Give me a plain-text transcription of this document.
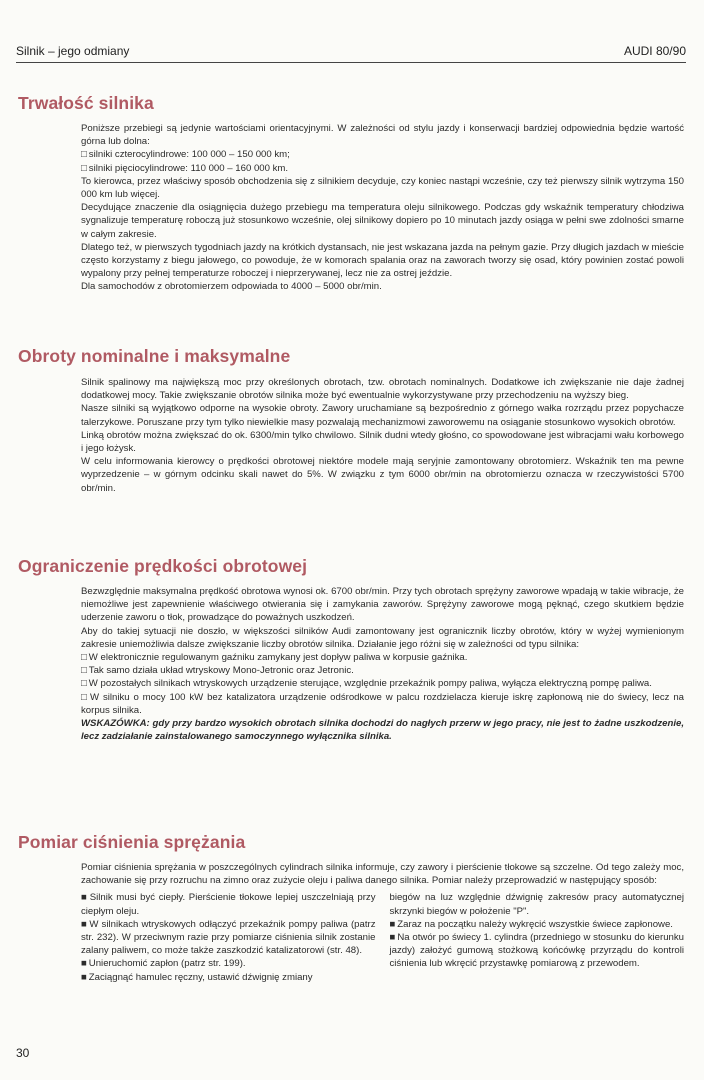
Silnik – jego odmiany	AUDI 80/90
Trwałość silnika

Poniższe przebiegi są jedynie wartościami orientacyjnymi. W zależności od stylu jazdy i konserwacji bardziej odpowiednia będzie wartość górna lub dolna:

□ silniki czterocylindrowe: 100 000 – 150 000 km;

□ silniki pięciocylindrowe: 110 000 – 160 000 km.

To kierowca, przez właściwy sposób obchodzenia się z silnikiem decyduje, czy koniec nastąpi wcześnie, czy też pierwszy silnik wytrzyma 150 000 km lub więcej.

Decydujące znaczenie dla osiągnięcia dużego przebiegu ma temperatura oleju silnikowego. Podczas gdy wskaźnik temperatury chłodziwa sygnalizuje temperaturę roboczą już stosunkowo wcześnie, olej silnikowy dopiero po 10 minutach jazdy osiąga w pełni swe zdolności smarne w całym zakresie.

Dlatego też, w pierwszych tygodniach jazdy na krótkich dystansach, nie jest wskazana jazda na pełnym gazie. Przy długich jazdach w mieście często korzystamy z biegu jałowego, co powoduje, że w komorach spalania oraz na zaworach tworzy się osad, który powinien zostać powoli wypalony przy pełnej temperaturze roboczej i nieprzerywanej, lecz nie za ostrej jeździe.

Dla samochodów z obrotomierzem odpowiada to 4000 – 5000 obr/min.

Obroty nominalne i maksymalne

Silnik spalinowy ma największą moc przy określonych obrotach, tzw. obrotach nominalnych. Dodatkowe ich zwiększanie nie daje żadnej dodatkowej mocy. Takie zwiększanie obrotów silnika może być ewentualnie wykorzystywane przy przechodzeniu na wyższy bieg.

Nasze silniki są wyjątkowo odporne na wysokie obroty. Zawory uruchamiane są bezpośrednio z górnego wałka rozrządu przez popychacze talerzykowe. Poruszane przy tym tylko niewielkie masy pozwalają mechanizmowi zaworowemu na osiąganie stosunkowo wysokich obrotów.

Linką obrotów można zwiększać do ok. 6300/min tylko chwilowo. Silnik dudni wtedy głośno, co spowodowane jest wibracjami wału korbowego i jego łożysk.

W celu informowania kierowcy o prędkości obrotowej niektóre modele mają seryjnie zamontowany obrotomierz. Wskaźnik ten ma pewne wyprzedzenie – w górnym odcinku skali nawet do 5%. W związku z tym 6000 obr/min na obrotomierzu oznacza w rzeczywistości 5700 obr/min.

Ograniczenie prędkości obrotowej

Bezwzględnie maksymalna prędkość obrotowa wynosi ok. 6700 obr/min. Przy tych obrotach sprężyny zaworowe wpadają w takie wibracje, że niemożliwe jest zapewnienie właściwego otwierania się i zamykania zaworów. Sprężyny zaworowe mogą pęknąć, czego skutkiem będzie uderzenie zaworu o tłok, prowadzące do poważnych uszkodzeń.

Aby do takiej sytuacji nie doszło, w większości silników Audi zamontowany jest ogranicznik liczby obrotów, który w wyżej wymienionym zakresie uniemożliwia dalsze zwiększanie liczby obrotów silnika. Działanie jego różni się w zależności od typu silnika:

□ W elektronicznie regulowanym gaźniku zamykany jest dopływ paliwa w korpusie gaźnika.

□ Tak samo działa układ wtryskowy Mono-Jetronic oraz Jetronic.

□ W pozostałych silnikach wtryskowych urządzenie sterujące, względnie przekaźnik pompy paliwa, wyłącza elektryczną pompę paliwa.

□ W silniku o mocy 100 kW bez katalizatora urządzenie odśrodkowe w palcu rozdzielacza kieruje iskrę zapłonową nie do świecy, lecz na korpus silnika.

WSKAZÓWKA: gdy przy bardzo wysokich obrotach silnika dochodzi do nagłych przerw w jego pracy, nie jest to żadne uszkodzenie, lecz zadziałanie zainstalowanego samoczynnego wyłącznika silnika.

Pomiar ciśnienia sprężania

Pomiar ciśnienia sprężania w poszczególnych cylindrach silnika informuje, czy zawory i pierścienie tłokowe są szczelne. Od tego zależy moc, zachowanie się przy rozruchu na zimno oraz zużycie oleju i paliwa danego silnika. Pomiar należy przeprowadzić w następujący sposób:

■ Silnik musi być ciepły. Pierścienie tłokowe lepiej uszczelniają przy ciepłym oleju.

■ W silnikach wtryskowych odłączyć przekaźnik pompy paliwa (patrz str. 232). W przeciwnym razie przy pomiarze ciśnienia silnik zostanie zalany paliwem, co może także zaszkodzić katalizatorowi (str. 48).

■ Unieruchomić zapłon (patrz str. 199).

■ Zaciągnąć hamulec ręczny, ustawić dźwignię zmiany

biegów na luz względnie dźwignię zakresów pracy automatycznej skrzynki biegów w położenie "P".

■ Zaraz na początku należy wykręcić wszystkie świece zapłonowe.

■ Na otwór po świecy 1. cylindra (przedniego w stosunku do kierunku jazdy) założyć gumową stożkową końcówkę przyrządu do kontroli ciśnienia lub wkręcić przystawkę pomiarową z przewodem.

30
